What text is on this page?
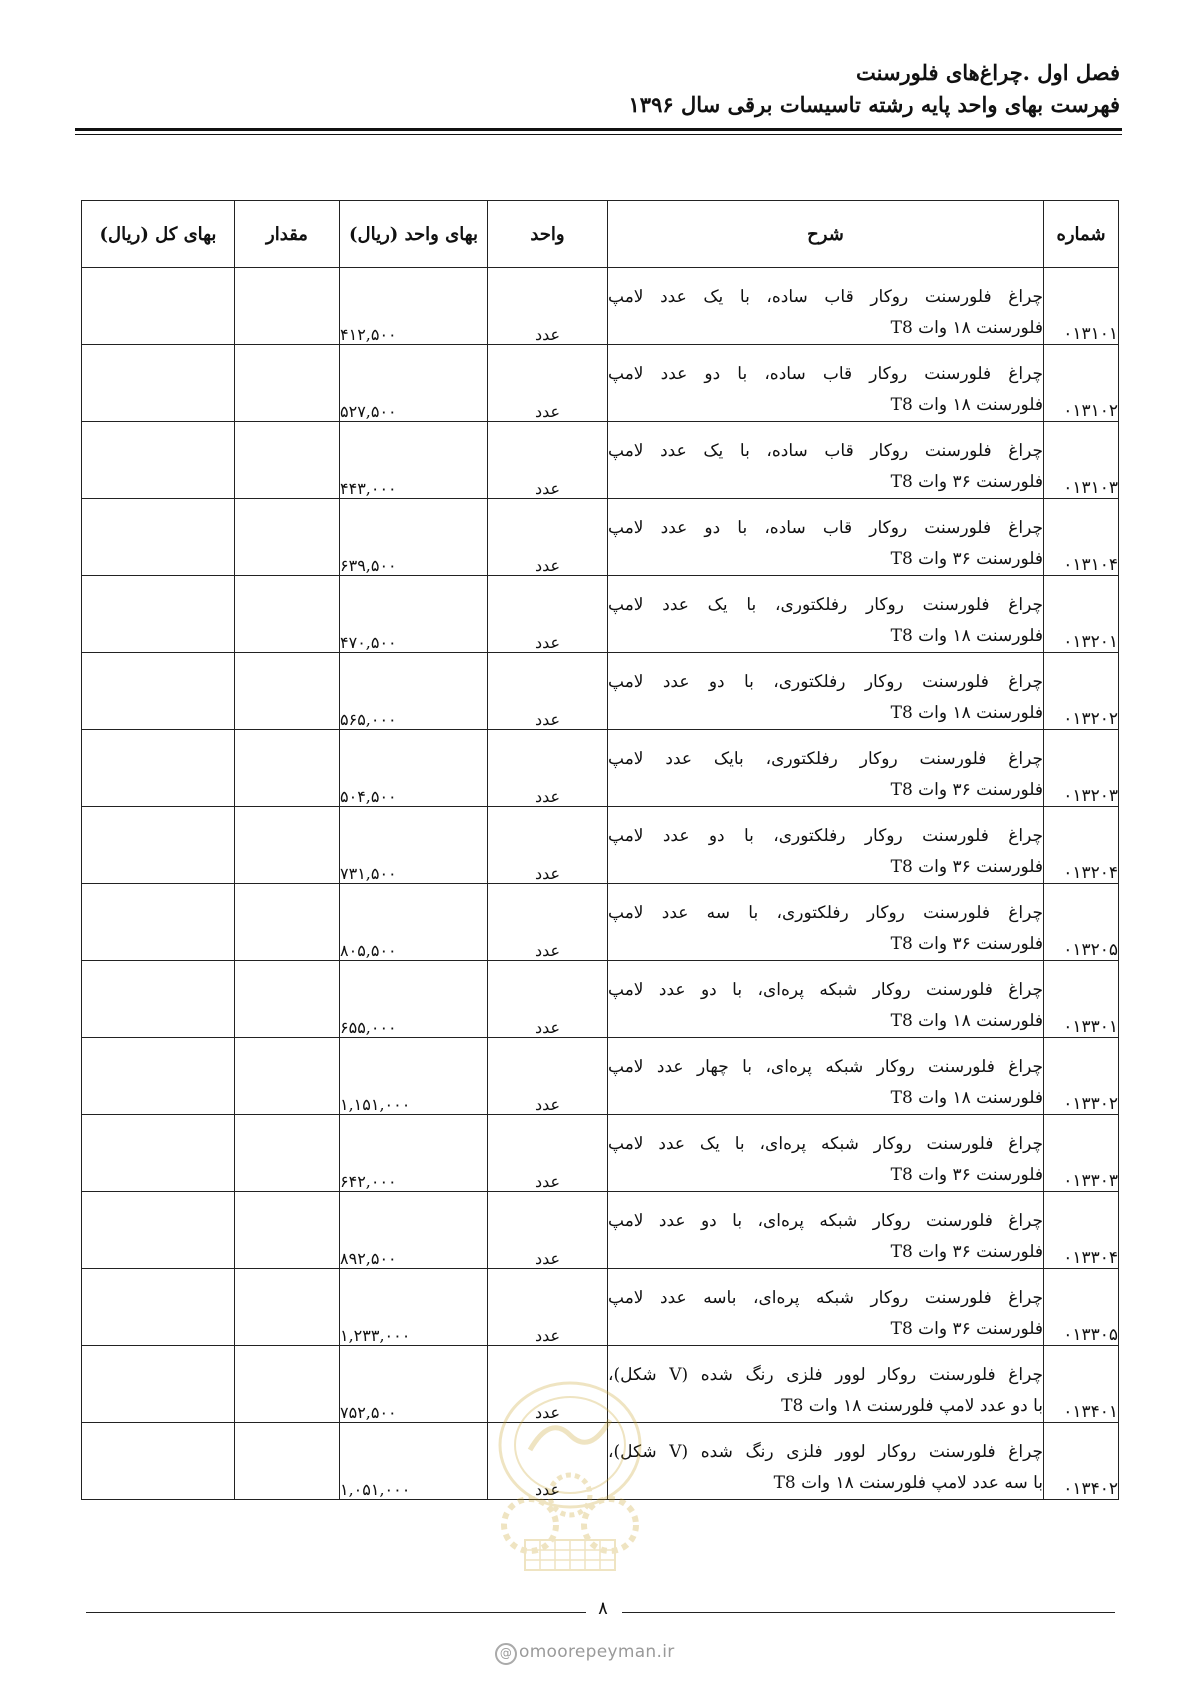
فصل اول .چراغ‌های فلورسنت
فهرست بهای واحد پایه رشته تاسیسات برقی سال ۱۳۹۶
شماره	شرح	واحد	بهای واحد (ریال)	مقدار	بهای کل (ریال)
۰۱۳۱۰۱	چراغ فلورسنت روکار قاب ساده، با یک عدد لامپ
فلورسنت ۱۸ وات T8	عدد	۴۱۲,۵۰۰		
۰۱۳۱۰۲	چراغ فلورسنت روکار قاب ساده، با دو عدد لامپ
فلورسنت ۱۸ وات T8	عدد	۵۲۷,۵۰۰		
۰۱۳۱۰۳	چراغ فلورسنت روکار قاب ساده، با یک عدد لامپ
فلورسنت ۳۶ وات T8	عدد	۴۴۳,۰۰۰		
۰۱۳۱۰۴	چراغ فلورسنت روکار قاب ساده، با دو عدد لامپ
فلورسنت ۳۶ وات T8	عدد	۶۳۹,۵۰۰		
۰۱۳۲۰۱	چراغ فلورسنت روکار رفلکتوری، با یک عدد لامپ
فلورسنت ۱۸ وات T8	عدد	۴۷۰,۵۰۰		
۰۱۳۲۰۲	چراغ فلورسنت روکار رفلکتوری، با دو عدد لامپ
فلورسنت ۱۸ وات T8	عدد	۵۶۵,۰۰۰		
۰۱۳۲۰۳	چراغ فلورسنت روکار رفلکتوری، بایک عدد لامپ
فلورسنت ۳۶ وات T8	عدد	۵۰۴,۵۰۰		
۰۱۳۲۰۴	چراغ فلورسنت روکار رفلکتوری، با دو عدد لامپ
فلورسنت ۳۶ وات T8	عدد	۷۳۱,۵۰۰		
۰۱۳۲۰۵	چراغ فلورسنت روکار رفلکتوری، با سه عدد لامپ
فلورسنت ۳۶ وات T8	عدد	۸۰۵,۵۰۰		
۰۱۳۳۰۱	چراغ فلورسنت روکار شبکه پره‌ای، با دو عدد لامپ
فلورسنت ۱۸ وات T8	عدد	۶۵۵,۰۰۰		
۰۱۳۳۰۲	چراغ فلورسنت روکار شبکه پره‌ای، با چهار عدد لامپ
فلورسنت ۱۸ وات T8	عدد	۱,۱۵۱,۰۰۰		
۰۱۳۳۰۳	چراغ فلورسنت روکار شبکه پره‌ای، با یک عدد لامپ
فلورسنت ۳۶ وات T8	عدد	۶۴۲,۰۰۰		
۰۱۳۳۰۴	چراغ فلورسنت روکار شبکه پره‌ای، با دو عدد لامپ
فلورسنت ۳۶ وات T8	عدد	۸۹۲,۵۰۰		
۰۱۳۳۰۵	چراغ فلورسنت روکار شبکه پره‌ای، باسه عدد لامپ
فلورسنت ۳۶ وات T8	عدد	۱,۲۳۳,۰۰۰		
۰۱۳۴۰۱	چراغ فلورسنت روکار لوور فلزی رنگ شده (V شکل)،
با دو عدد لامپ فلورسنت ۱۸ وات T8	عدد	۷۵۲,۵۰۰		
۰۱۳۴۰۲	چراغ فلورسنت روکار لوور فلزی رنگ شده (V شکل)،
با سه عدد لامپ فلورسنت ۱۸ وات T8	عدد	۱,۰۵۱,۰۰۰		
۸
@ omoorepeyman.ir
